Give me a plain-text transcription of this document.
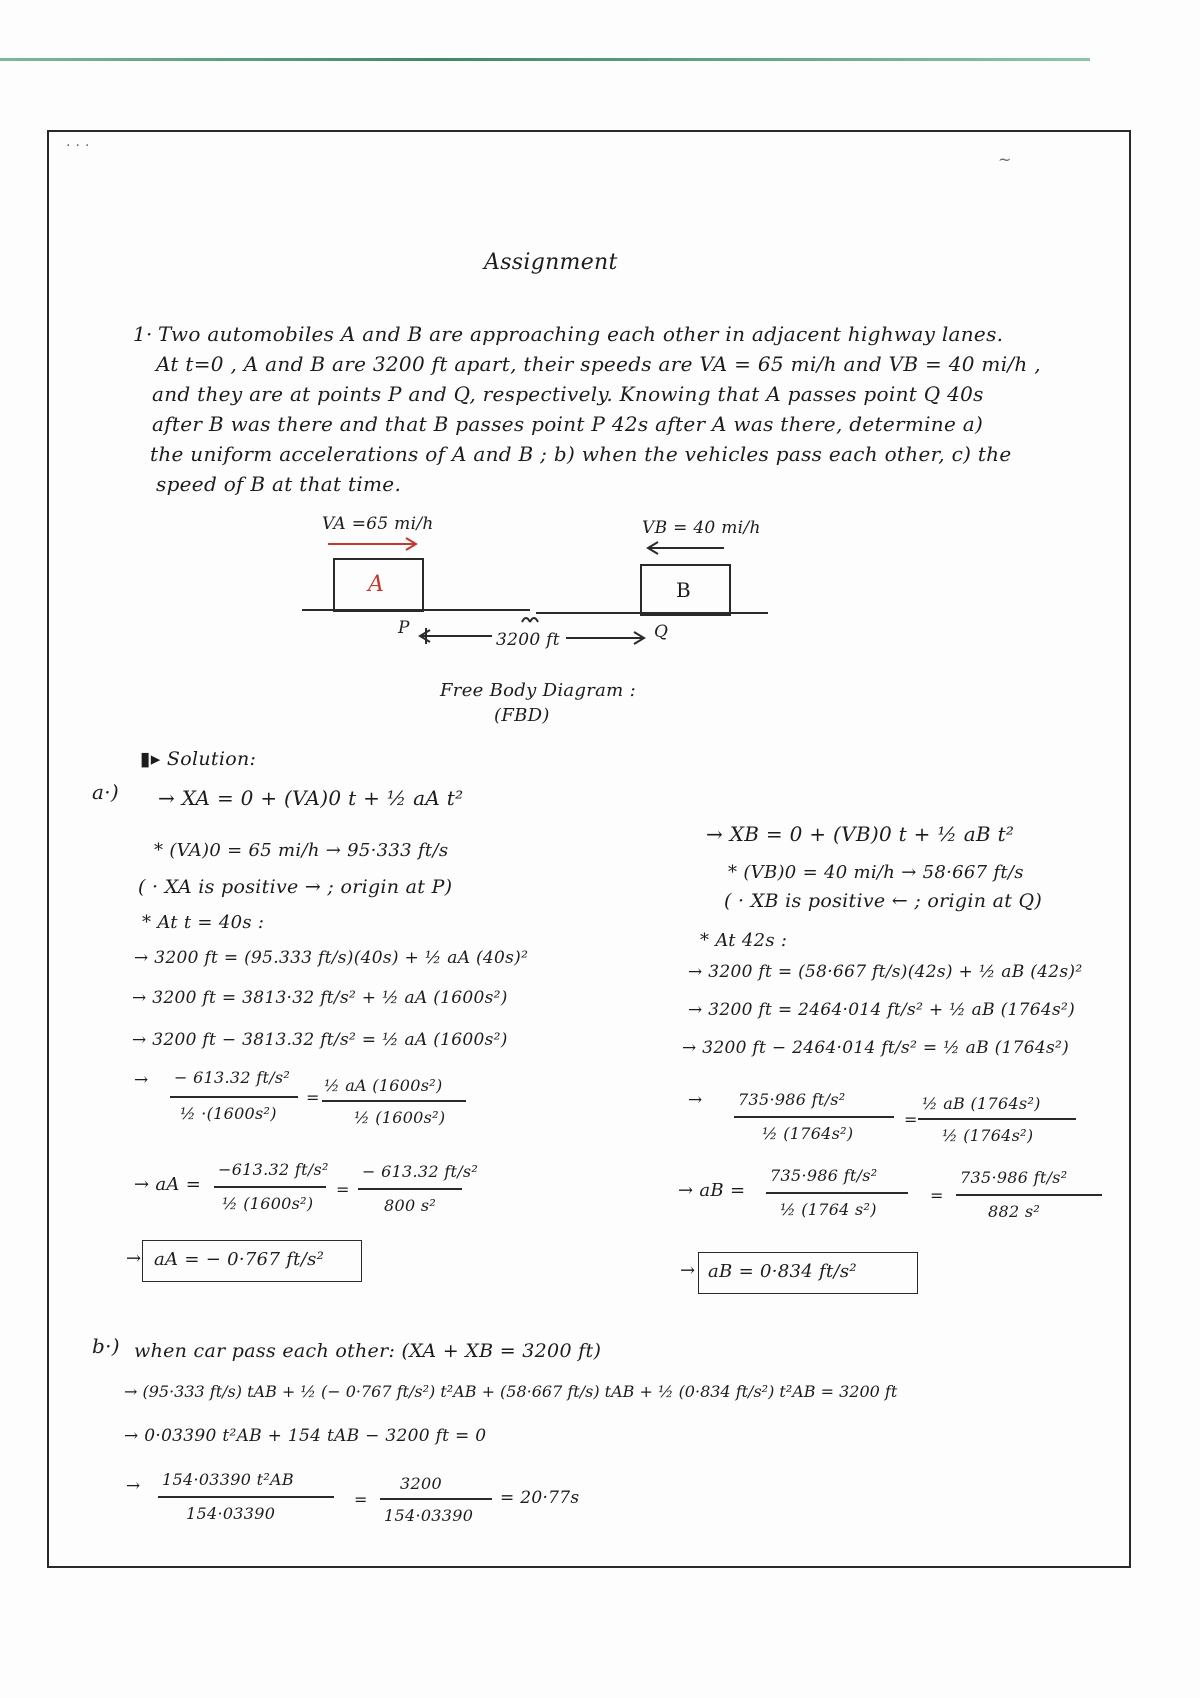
· · ·
~
Assignment
1· Two automobiles A and B are approaching each other in adjacent highway lanes.
At t=0 , A and B are 3200 ft apart, their speeds are VA = 65 mi/h and VB = 40 mi/h ,
and they are at points P and Q, respectively. Knowing that A passes point Q 40s
after B was there and that B passes point P 42s after A was there, determine a)
the uniform accelerations of A and B ; b) when the vehicles pass each other, c) the
speed of B at that time.
VA =65 mi/h	VB = 40 mi/h
A	B
P	Q
3200 ft
Free Body Diagram :
(FBD)
▮▸ Solution:
a·) → XA = 0 + (VA)0 t + ½ aA t²
* (VA)0 = 65 mi/h → 95·333 ft/s
( · XA is positive → ; origin at P)
* At t = 40s :
→ 3200 ft = (95.333 ft/s)(40s) + ½ aA (40s)²
→ 3200 ft = 3813·32 ft/s² + ½ aA (1600s²)
→ 3200 ft − 3813.32 ft/s² = ½ aA (1600s²)
→ − 613.32 ft/s²
½ ·(1600s²)
=
½ aA (1600s²)
½ (1600s²)
→ aA =
−613.32 ft/s²
½ (1600s²)
=
− 613.32 ft/s²
800 s²
→ aA = − 0·767 ft/s²
→ XB = 0 + (VB)0 t + ½ aB t²
* (VB)0 = 40 mi/h → 58·667 ft/s
( · XB is positive ← ; origin at Q)
* At 42s :
→ 3200 ft = (58·667 ft/s)(42s) + ½ aB (42s)²
→ 3200 ft = 2464·014 ft/s² + ½ aB (1764s²)
→ 3200 ft − 2464·014 ft/s² = ½ aB (1764s²)
→ 735·986 ft/s²
½ (1764s²)
=
½ aB (1764s²)
½ (1764s²)
→ aB =
735·986 ft/s²
½ (1764 s²)
=
735·986 ft/s²
882 s²
→ aB = 0·834 ft/s²
b·) when car pass each other: (XA + XB = 3200 ft)
→ (95·333 ft/s) tAB + ½ (− 0·767 ft/s²) t²AB + (58·667 ft/s) tAB + ½ (0·834 ft/s²) t²AB = 3200 ft
→ 0·03390 t²AB + 154 tAB − 3200 ft = 0
→ 154·03390 t²AB
154·03390
=
3200
154·03390
= 20·77s
